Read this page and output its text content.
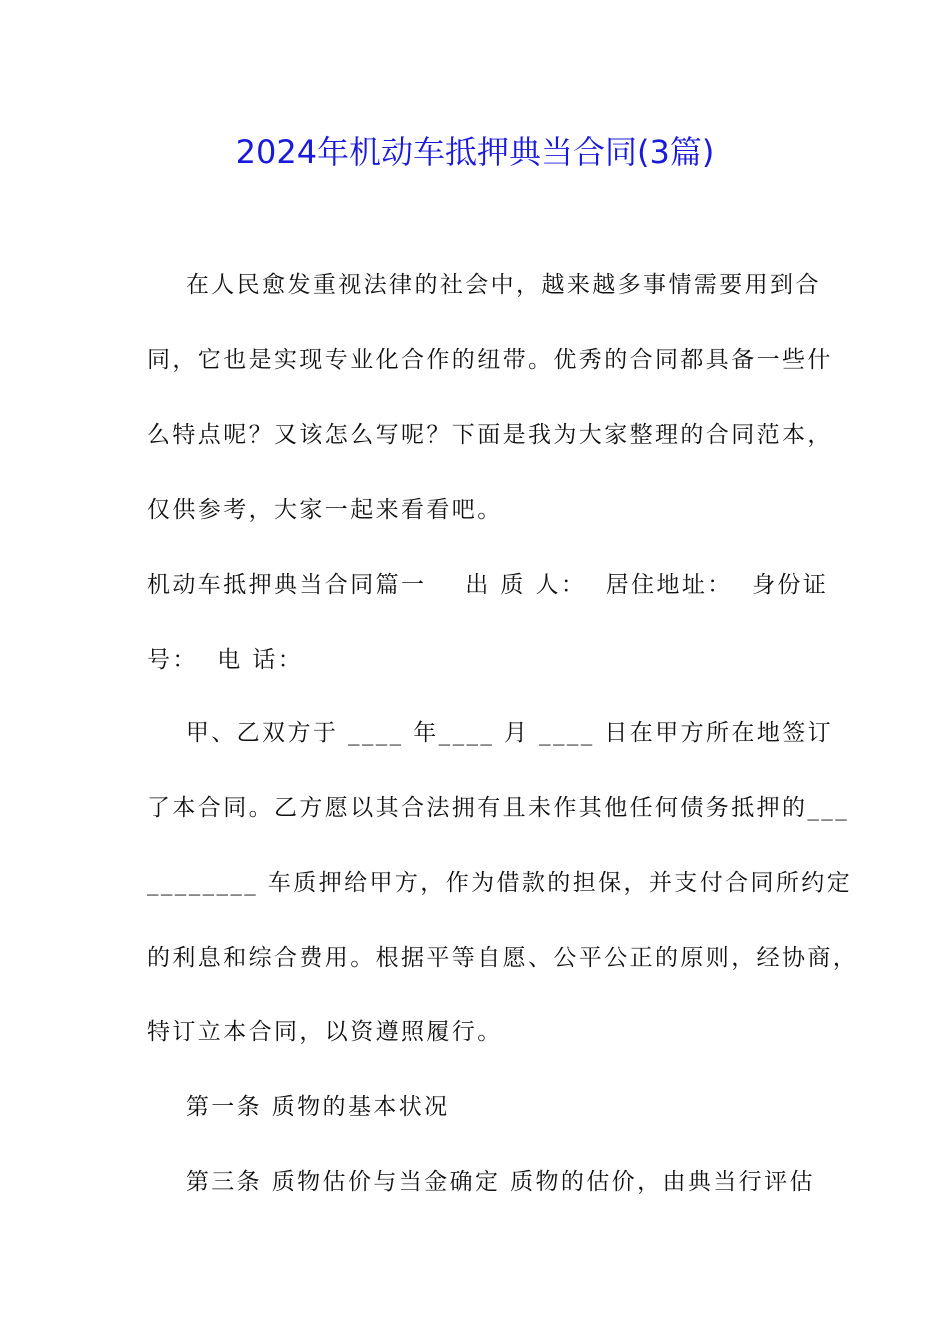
2024年机动车抵押典当合同(3篇)

在人民愈发重视法律的社会中，越来越多事情需要用到合

同，它也是实现专业化合作的纽带。优秀的合同都具备一些什

么特点呢？又该怎么写呢？下面是我为大家整理的合同范本，

仅供参考，大家一起来看看吧。

机动车抵押典当合同篇一    出 质 人：  居住地址：  身份证

号：  电 话：

甲、乙双方于 ____ 年____ 月 ____ 日在甲方所在地签订

了本合同。乙方愿以其合法拥有且未作其他任何债务抵押的___

________ 车质押给甲方，作为借款的担保，并支付合同所约定

的利息和综合费用。根据平等自愿、公平公正的原则，经协商，

特订立本合同，以资遵照履行。

第一条 质物的基本状况

第三条 质物估价与当金确定 质物的估价，由典当行评估
